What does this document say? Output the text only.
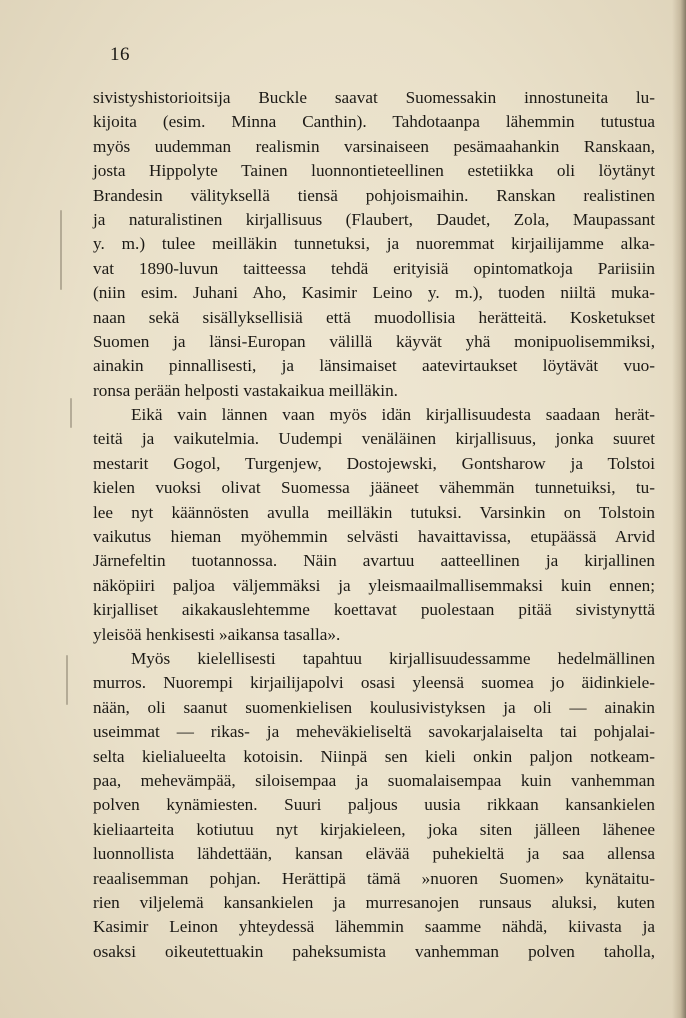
16
sivistyshistorioitsija Buckle saavat Suomessakin innostuneita lu-
kijoita (esim. Minna Canthin). Tahdotaanpa lähemmin tutustua
myös uudemman realismin varsinaiseen pesämaahankin Ranskaan,
josta Hippolyte Tainen luonnontieteellinen estetiikka oli löytänyt
Brandesin välityksellä tiensä pohjoismaihin. Ranskan realistinen
ja naturalistinen kirjallisuus (Flaubert, Daudet, Zola, Maupassant
y. m.) tulee meilläkin tunnetuksi, ja nuoremmat kirjailijamme alka-
vat 1890-luvun taitteessa tehdä erityisiä opintomatkoja Pariisiin
(niin esim. Juhani Aho, Kasimir Leino y. m.), tuoden niiltä muka-
naan sekä sisällyksellisiä että muodollisia herätteitä. Kosketukset
Suomen ja länsi-Europan välillä käyvät yhä monipuolisemmiksi,
ainakin pinnallisesti, ja länsimaiset aatevirtaukset löytävät vuo-
ronsa perään helposti vastakaikua meilläkin.
Eikä vain lännen vaan myös idän kirjallisuudesta saadaan herät-
teitä ja vaikutelmia. Uudempi venäläinen kirjallisuus, jonka suuret
mestarit Gogol, Turgenjew, Dostojewski, Gontsharow ja Tolstoi
kielen vuoksi olivat Suomessa jääneet vähemmän tunnetuiksi, tu-
lee nyt käännösten avulla meilläkin tutuksi. Varsinkin on Tolstoin
vaikutus hieman myöhemmin selvästi havaittavissa, etupäässä Arvid
Järnefeltin tuotannossa. Näin avartuu aatteellinen ja kirjallinen
näköpiiri paljoa väljemmäksi ja yleismaailmallisemmaksi kuin ennen;
kirjalliset aikakauslehtemme koettavat puolestaan pitää sivistynyttä
yleisöä henkisesti »aikansa tasalla».
Myös kielellisesti tapahtuu kirjallisuudessamme hedelmällinen
murros. Nuorempi kirjailijapolvi osasi yleensä suomea jo äidinkiele-
nään, oli saanut suomenkielisen koulusivistyksen ja oli — ainakin
useimmat — rikas- ja meheväkieliseltä savokarjalaiselta tai pohjalai-
selta kielialueelta kotoisin. Niinpä sen kieli onkin paljon notkeam-
paa, mehevämpää, siloisempaa ja suomalaisempaa kuin vanhemman
polven kynämiesten. Suuri paljous uusia rikkaan kansankielen
kieliaarteita kotiutuu nyt kirjakieleen, joka siten jälleen lähenee
luonnollista lähdettään, kansan elävää puhekieltä ja saa allensa
reaalisemman pohjan. Herättipä tämä »nuoren Suomen» kynätaitu-
rien viljelemä kansankielen ja murresanojen runsaus aluksi, kuten
Kasimir Leinon yhteydessä lähemmin saamme nähdä, kiivasta ja
osaksi oikeutettuakin paheksumista vanhemman polven taholla,
